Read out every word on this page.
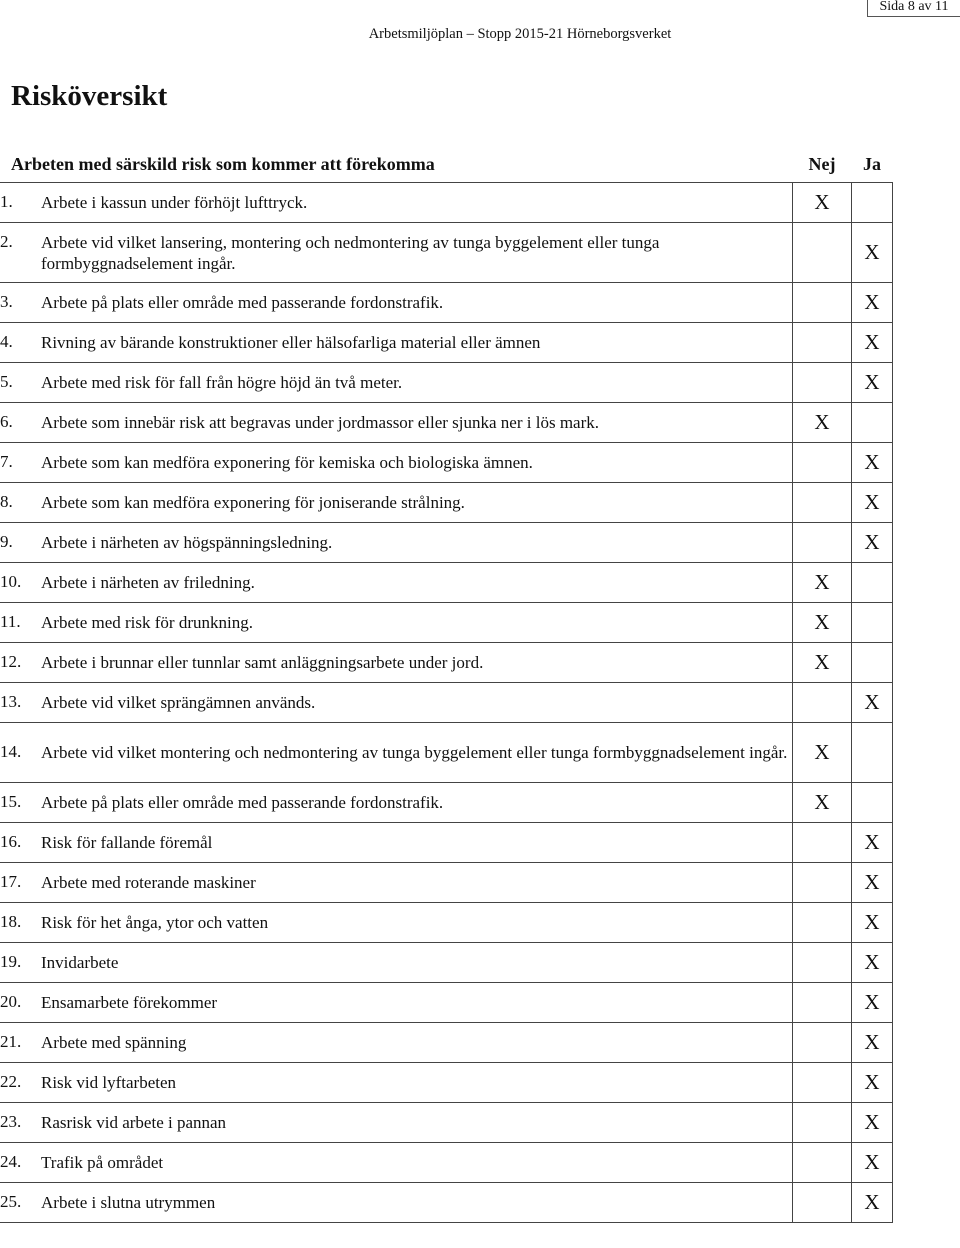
Sida 8 av 11
Arbetsmiljöplan – Stopp 2015-21 Hörneborgsverket
Risköversikt
Arbeten med särskild risk som kommer att förekomma	Nej	Ja

1. Arbete i kassun under förhöjt lufttryck.	X	

2. Arbete vid vilket lansering, montering och nedmontering av tunga byggelement eller tunga formbyggnadselement ingår.		X

3. Arbete på plats eller område med passerande fordonstrafik.		X

4. Rivning av bärande konstruktioner eller hälsofarliga material eller ämnen		X

5. Arbete med risk för fall från högre höjd än två meter.		X

6. Arbete som innebär risk att begravas under jordmassor eller sjunka ner i lös mark.	X	

7. Arbete som kan medföra exponering för kemiska och biologiska ämnen.		X

8. Arbete som kan medföra exponering för joniserande strålning.		X

9. Arbete i närheten av högspänningsledning.		X

10. Arbete i närheten av friledning.	X	

11. Arbete med risk för drunkning.	X	

12. Arbete i brunnar eller tunnlar samt anläggningsarbete under jord.	X	

13. Arbete vid vilket sprängämnen används.		X

14. Arbete vid vilket montering och nedmontering av tunga byggelement eller tunga formbyggnadselement ingår.	X	

15. Arbete på plats eller område med passerande fordonstrafik.	X	

16. Risk för fallande föremål		X

17. Arbete med roterande maskiner		X

18. Risk för het ånga, ytor och vatten		X

19. Invidarbete		X

20. Ensamarbete förekommer		X

21. Arbete med spänning		X

22. Risk vid lyftarbeten		X

23. Rasrisk vid arbete i pannan		X

24. Trafik på området		X

25. Arbete i slutna utrymmen		X
